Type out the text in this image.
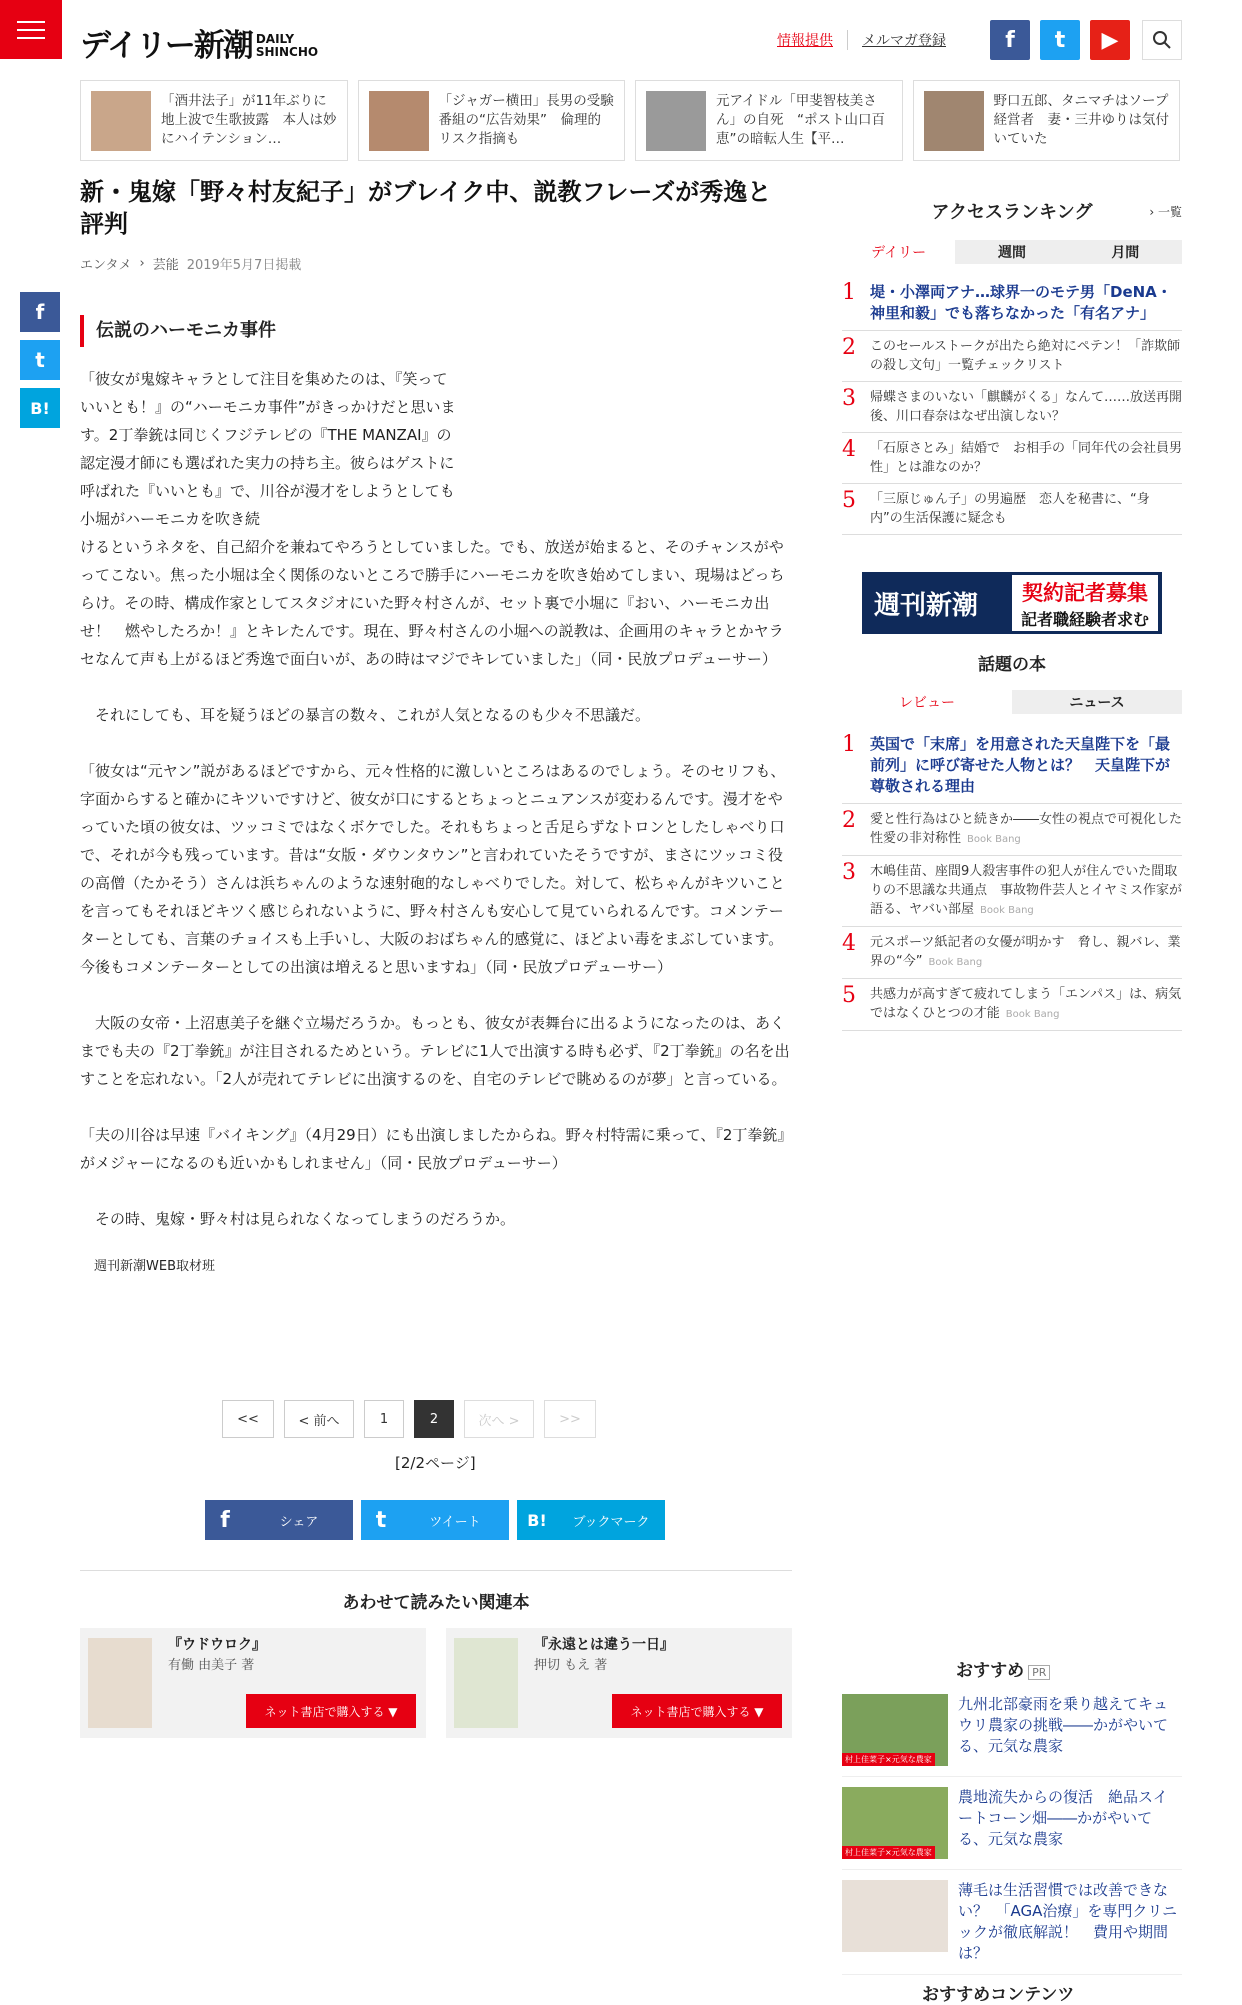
デイリー新潮 DAILY
SHINCHO
情報提供	メルマガ登録	f	t	▶
「酒井法子」が11年ぶりに地上波で生歌披露　本人は妙にハイテンション…
「ジャガー横田」長男の受験番組の“広告効果”　倫理的リスク指摘も
元アイドル「甲斐智枝美さん」の自死　“ポスト山口百恵”の暗転人生【平…
野口五郎、タニマチはソープ経営者　妻・三井ゆりは気付いていた
f
t
B!
新・鬼嫁「野々村友紀子」がブレイク中、説教フレーズが秀逸と評判
エンタメ › 芸能 2019年5月7日掲載
伝説のハーモニカ事件

「彼女が鬼嫁キャラとして注目を集めたのは、『笑っていいとも！』の“ハーモニカ事件”がきっかけだと思います。2丁拳銃は同じくフジテレビの『THE MANZAI』の認定漫才師にも選ばれた実力の持ち主。彼らはゲストに呼ばれた『いいとも』で、川谷が漫才をしようとしても小堀がハーモニカを吹き続

けるというネタを、自己紹介を兼ねてやろうとしていました。でも、放送が始まると、そのチャンスがやってこない。焦った小堀は全く関係のないところで勝手にハーモニカを吹き始めてしまい、現場はどっちらけ。その時、構成作家としてスタジオにいた野々村さんが、セット裏で小堀に『おい、ハーモニカ出せ！　燃やしたろか！』とキレたんです。現在、野々村さんの小堀への説教は、企画用のキャラとかヤラセなんて声も上がるほど秀逸で面白いが、あの時はマジでキレていました」（同・民放プロデューサー）

　それにしても、耳を疑うほどの暴言の数々、これが人気となるのも少々不思議だ。

「彼女は“元ヤン”説があるほどですから、元々性格的に激しいところはあるのでしょう。そのセリフも、字面からすると確かにキツいですけど、彼女が口にするとちょっとニュアンスが変わるんです。漫才をやっていた頃の彼女は、ツッコミではなくボケでした。それもちょっと舌足らずなトロンとしたしゃべり口で、それが今も残っています。昔は“女版・ダウンタウン”と言われていたそうですが、まさにツッコミ役の高僧（たかそう）さんは浜ちゃんのような速射砲的なしゃべりでした。対して、松ちゃんがキツいことを言ってもそれほどキツく感じられないように、野々村さんも安心して見ていられるんです。コメンテーターとしても、言葉のチョイスも上手いし、大阪のおばちゃん的感覚に、ほどよい毒をまぶしています。今後もコメンテーターとしての出演は増えると思いますね」（同・民放プロデューサー）

　大阪の女帝・上沼恵美子を継ぐ立場だろうか。もっとも、彼女が表舞台に出るようになったのは、あくまでも夫の『2丁拳銃』が注目されるためという。テレビに1人で出演する時も必ず、『2丁拳銃』の名を出すことを忘れない。「2人が売れてテレビに出演するのを、自宅のテレビで眺めるのが夢」と言っている。

「夫の川谷は早速『バイキング』（4月29日）にも出演しましたからね。野々村特需に乗って、『2丁拳銃』がメジャーになるのも近いかもしれません」（同・民放プロデューサー）

　その時、鬼嫁・野々村は見られなくなってしまうのだろうか。

週刊新潮WEB取材班
<<	< 前へ	1	2	次へ >	>>
[2/2ページ]
f	シェア	t	ツイート	B!	ブックマーク
あわせて読みたい関連本
『ウドウロク』
有働 由美子 著
ネット書店で購入する ▼
『永遠とは違う一日』
押切 もえ 著
ネット書店で購入する ▼
アクセスランキング	› 一覧
デイリー	週間	月間
1 堤・小澤両アナ…球界一のモテ男「DeNA・神里和毅」でも落ちなかった「有名アナ」
2	このセールストークが出たら絶対にペテン！「詐欺師の殺し文句」一覧チェックリスト
3	帰蝶さまのいない「麒麟がくる」なんて……放送再開後、川口春奈はなぜ出演しない？
4	「石原さとみ」結婚で　お相手の「同年代の会社員男性」とは誰なのか？
5	「三原じゅん子」の男遍歴　恋人を秘書に、“身内”の生活保護に疑念も
週刊新潮	契約記者募集
記者職経験者求む
話題の本
レビュー	ニュース
1 英国で「末席」を用意された天皇陛下を「最前列」に呼び寄せた人物とは？　天皇陛下が尊敬される理由
2	愛と性行為はひと続きか――女性の視点で可視化した性愛の非対称性 Book Bang
3	木嶋佳苗、座間9人殺害事件の犯人が住んでいた間取りの不思議な共通点　事故物件芸人とイヤミス作家が語る、ヤバい部屋 Book Bang
4	元スポーツ紙記者の女優が明かす　脅し、親バレ、業界の“今” Book Bang
5	共感力が高すぎて疲れてしまう「エンパス」は、病気ではなくひとつの才能 Book Bang
おすすめ PR
村上佳菜子×元気な農家
九州北部豪雨を乗り越えてキュウリ農家の挑戦――かがやいてる、元気な農家
村上佳菜子×元気な農家
農地流失からの復活　絶品スイートコーン畑――かがやいてる、元気な農家
薄毛は生活習慣では改善できない？　「AGA治療」を専門クリニックが徹底解説！　費用や期間は？
おすすめコンテンツ
